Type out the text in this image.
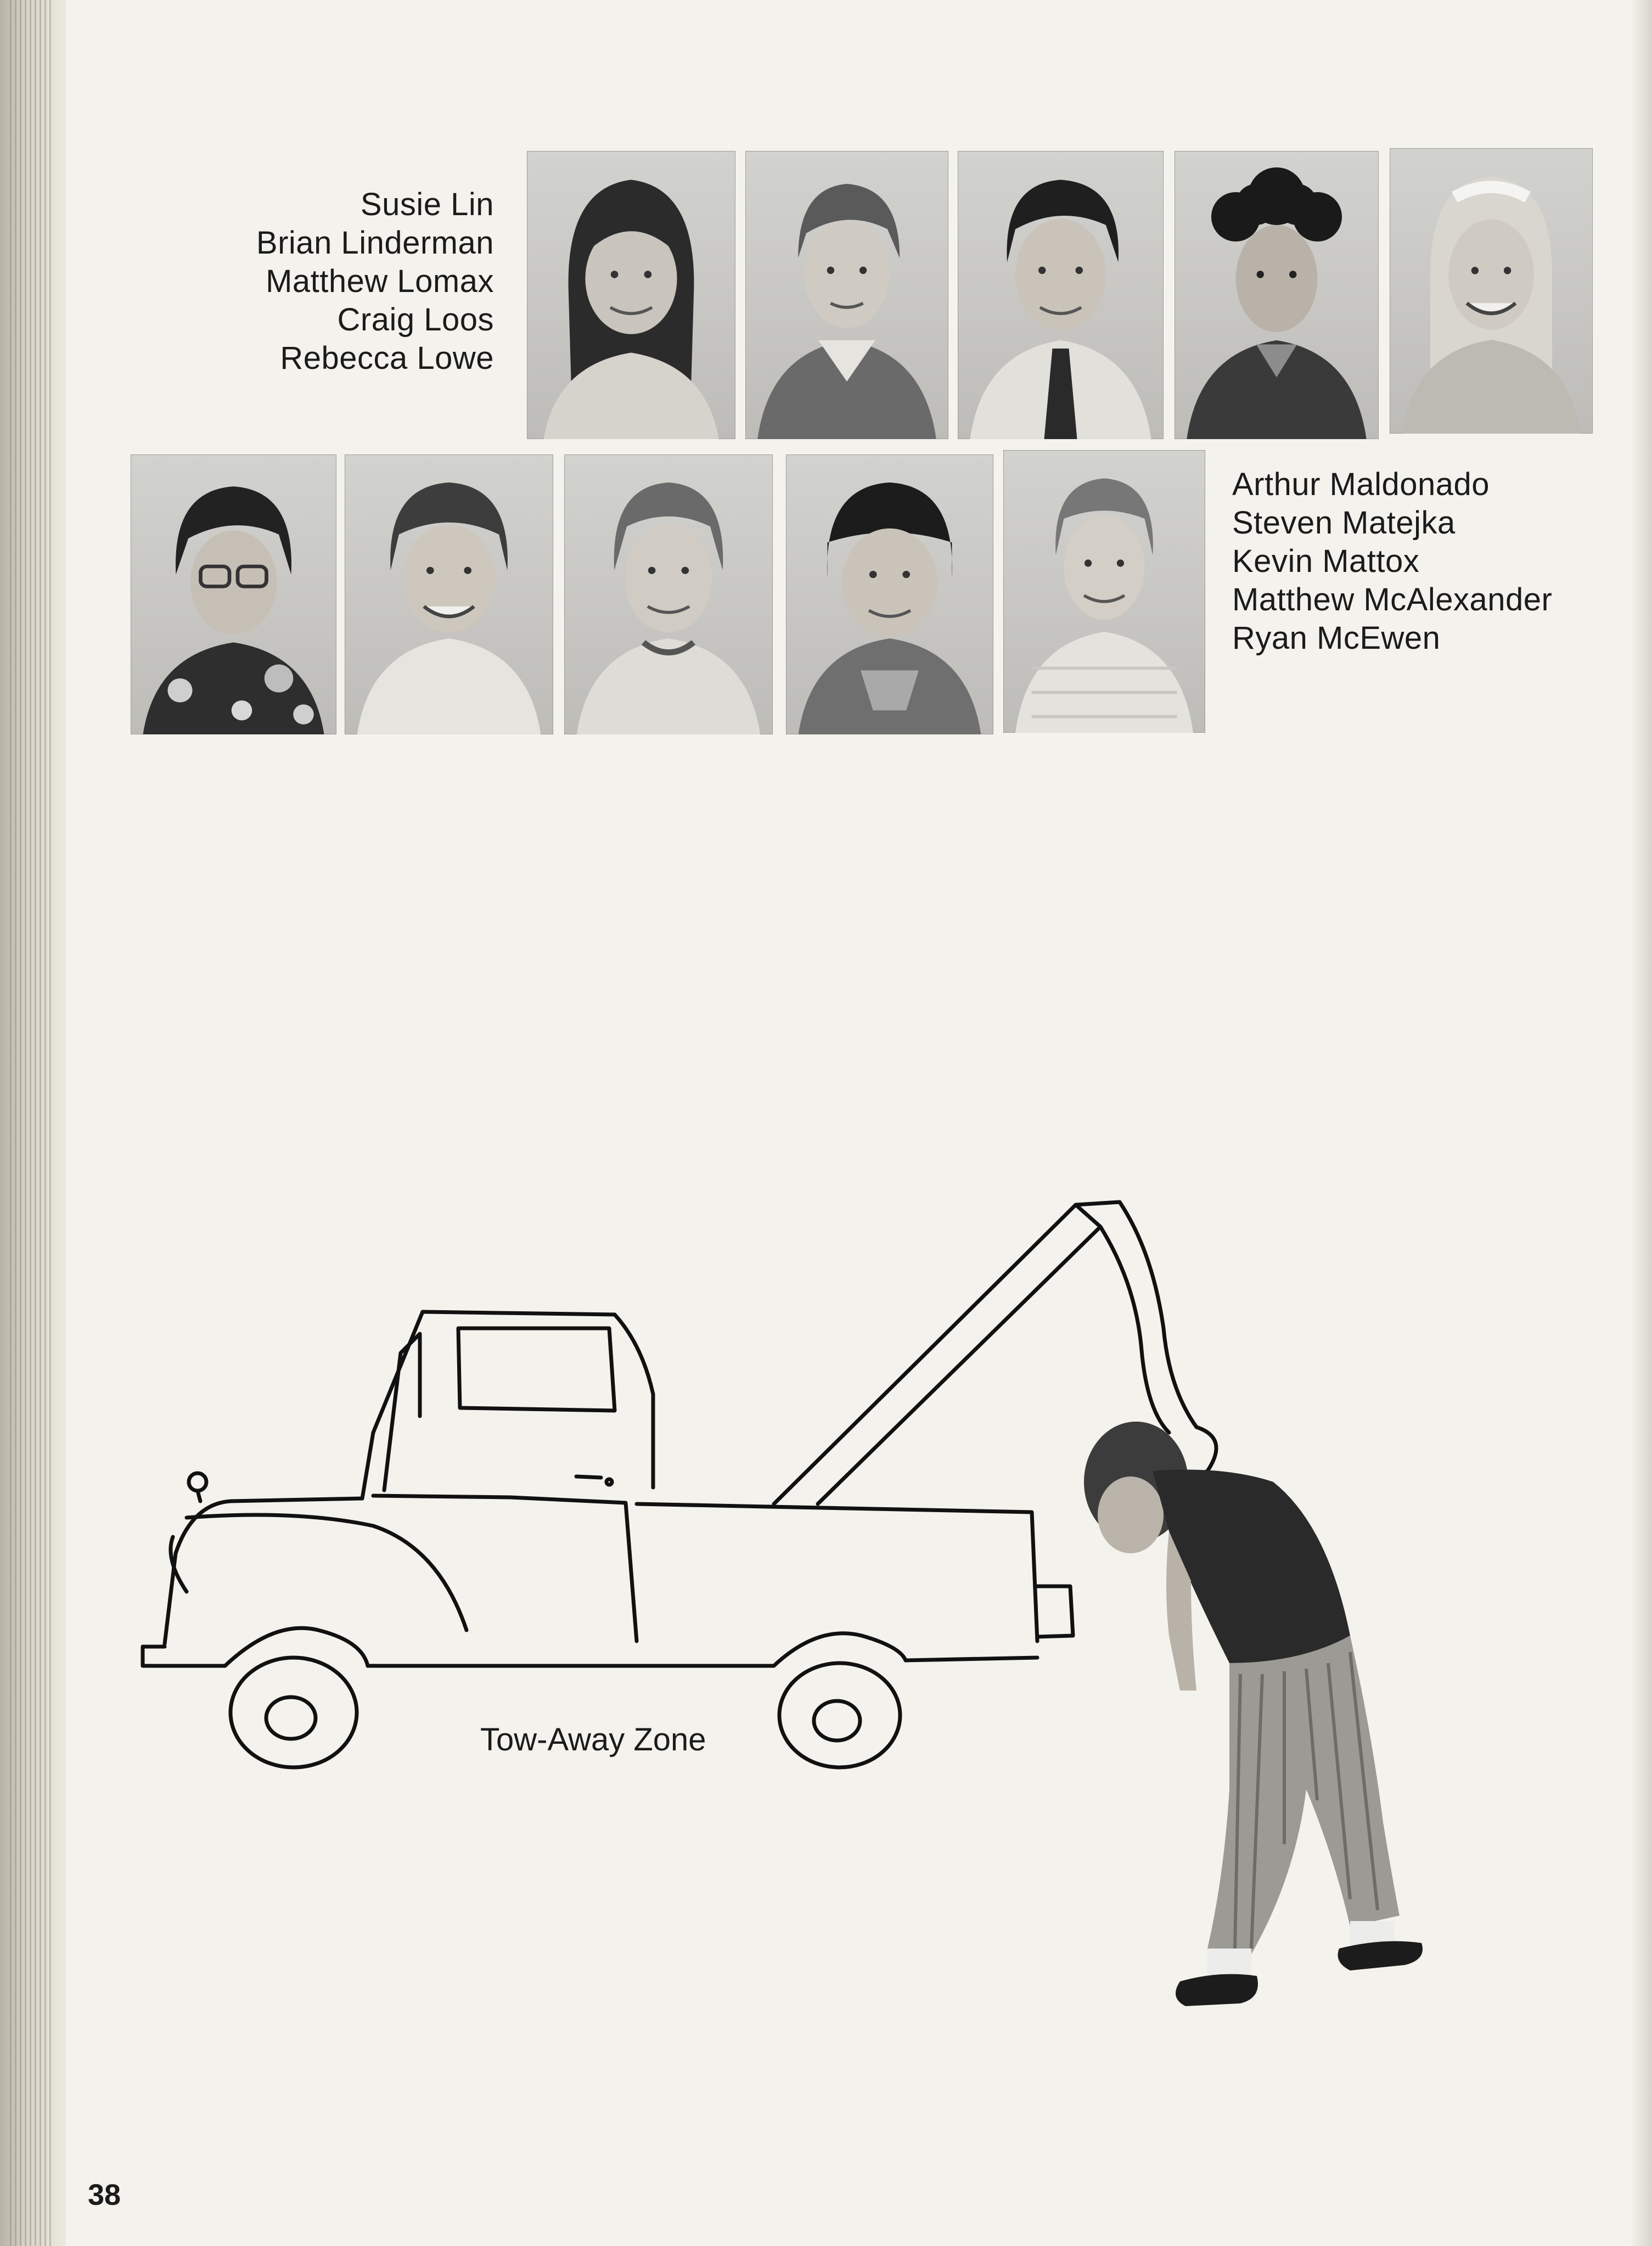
Susie Lin
Brian Linderman
Matthew Lomax
Craig Loos
Rebecca Lowe
Arthur Maldonado
Steven Matejka
Kevin Mattox
Matthew McAlexander
Ryan McEwen
Tow-Away Zone
38
